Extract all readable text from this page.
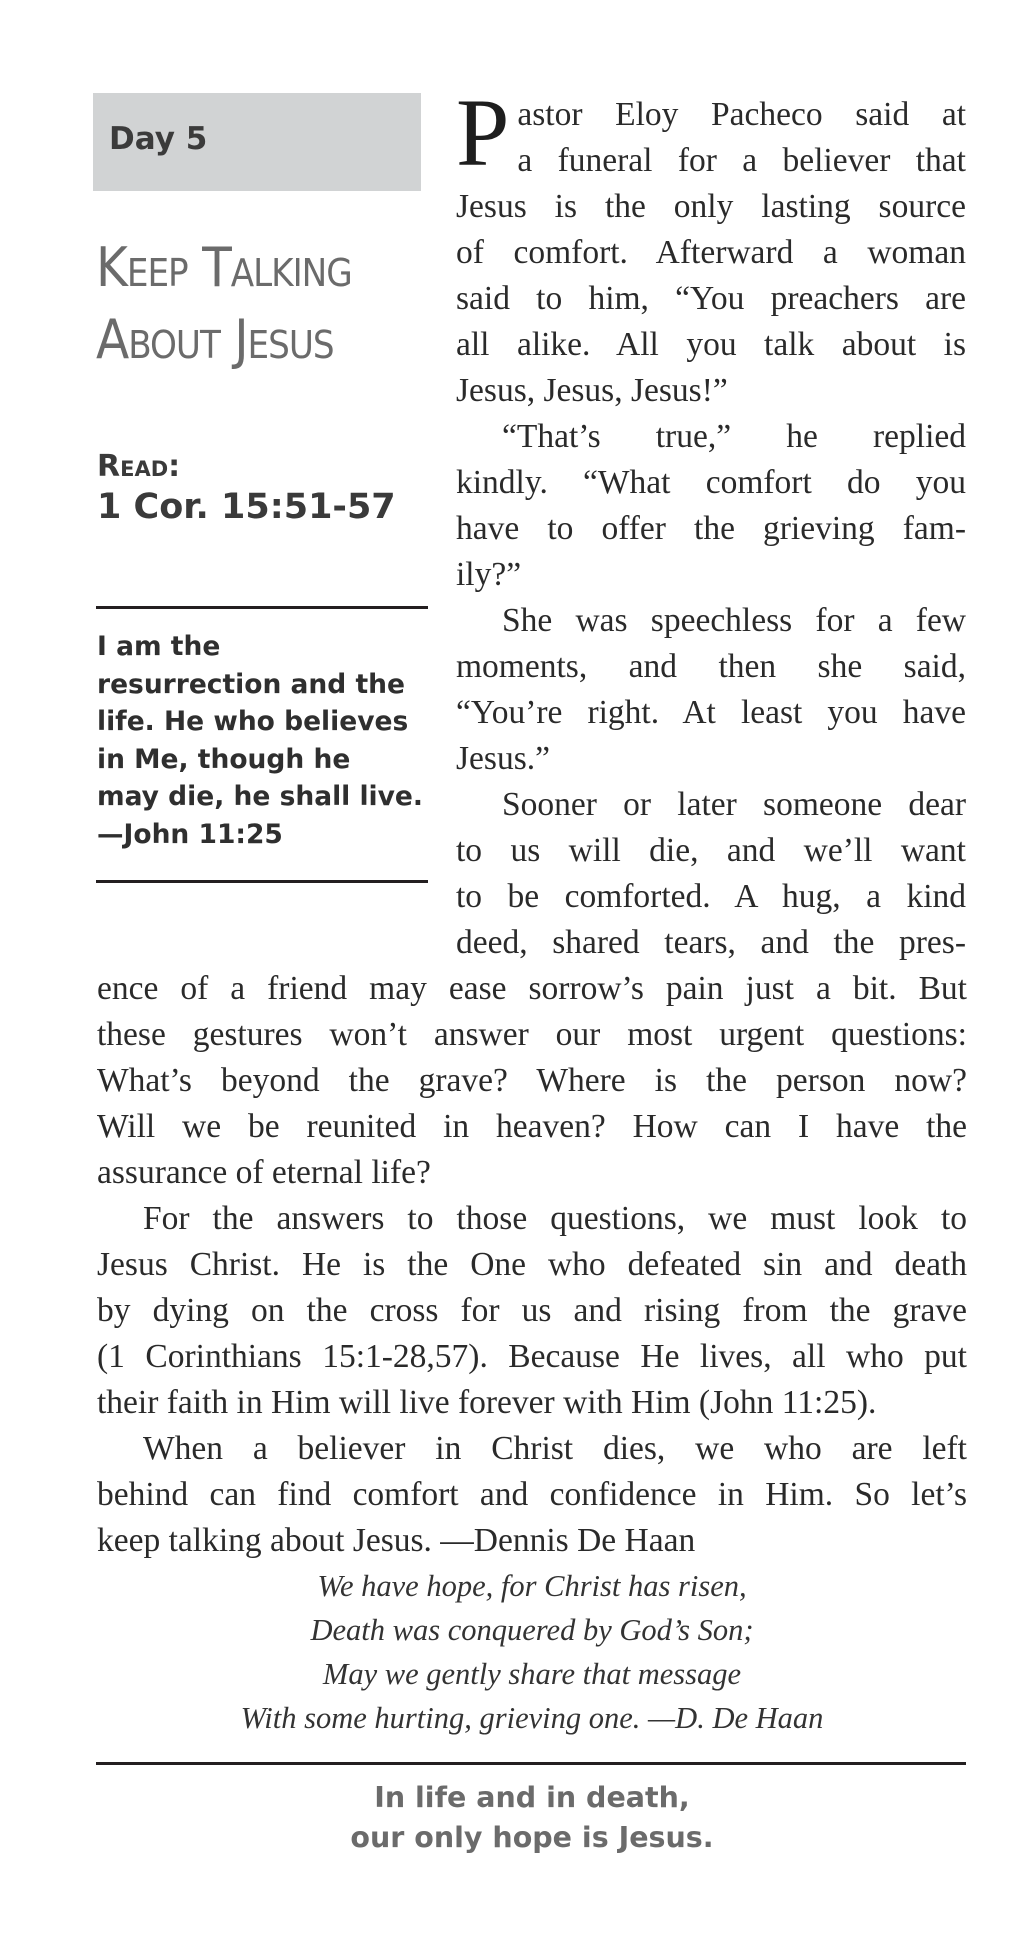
Day 5
Keep Talking
About Jesus
Read:
1 Cor. 15:51-57
I am the
resurrection and the
life. He who believes
in Me, though he
may die, he shall live.
—John 11:25
P astor Eloy Pacheco said at
a funeral for a believer that
Jesus is the only lasting source
of comfort. Afterward a woman
said to him, “You preachers are
all alike. All you talk about is
Jesus, Jesus, Jesus!”
“That’s true,” he replied
kindly. “What comfort do you
have to offer the grieving fam-
ily?”
She was speechless for a few
moments, and then she said,
“You’re right. At least you have
Jesus.”
Sooner or later someone dear
to us will die, and we’ll want
to be comforted. A hug, a kind
deed, shared tears, and the pres-
ence of a friend may ease sorrow’s pain just a bit. But
these gestures won’t answer our most urgent questions:
What’s beyond the grave? Where is the person now?
Will we be reunited in heaven? How can I have the
assurance of eternal life?
For the answers to those questions, we must look to
Jesus Christ. He is the One who defeated sin and death
by dying on the cross for us and rising from the grave
(1 Corinthians 15:1-28,57). Because He lives, all who put
their faith in Him will live forever with Him (John 11:25).
When a believer in Christ dies, we who are left
behind can find comfort and confidence in Him. So let’s
keep talking about Jesus. —Dennis De Haan
We have hope, for Christ has risen,
Death was conquered by God’s Son;
May we gently share that message
With some hurting, grieving one. —D. De Haan
In life and in death,
our only hope is Jesus.
